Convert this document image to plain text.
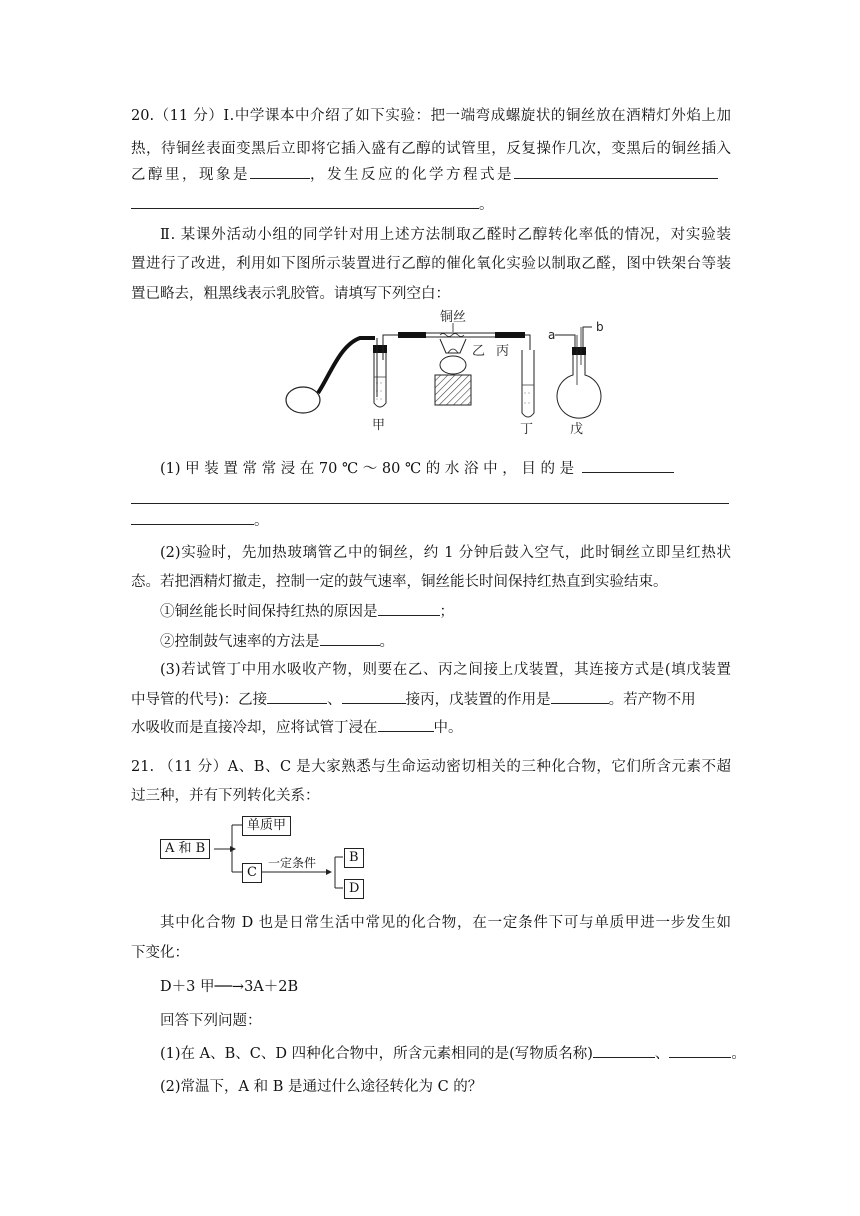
20.（11 分）Ⅰ.中学课本中介绍了如下实验：把一端弯成螺旋状的铜丝放在酒精灯外焰上加
热，待铜丝表面变黑后立即将它插入盛有乙醇的试管里，反复操作几次，变黑后的铜丝插入
乙醇里，现象是	，发生反应的化学方程式是
。
Ⅱ. 某课外活动小组的同学针对用上述方法制取乙醛时乙醇转化率低的情况，对实验装
置进行了改进，利用如下图所示装置进行乙醇的催化氧化实验以制取乙醛，图中铁架台等装
置已略去，粗黑线表示乳胶管。请填写下列空白：
铜丝
乙 丙
甲	丁	戊
a
b
(1) 甲 装 置 常 常 浸 在 70 ℃ ～ 80 ℃ 的 水 浴 中 ， 目 的 是
。
(2)实验时，先加热玻璃管乙中的铜丝，约 1 分钟后鼓入空气，此时铜丝立即呈红热状
态。若把酒精灯撤走，控制一定的鼓气速率，铜丝能长时间保持红热直到实验结束。
①铜丝能长时间保持红热的原因是	；
②控制鼓气速率的方法是	。
(3)若试管丁中用水吸收产物，则要在乙、丙之间接上戊装置，其连接方式是(填戊装置
中导管的代号)：乙接	、	接丙，戊装置的作用是	。若产物不用
水吸收而是直接冷却，应将试管丁浸在	中。
21. （11 分）A、B、C 是大家熟悉与生命运动密切相关的三种化合物，它们所含元素不超
过三种，并有下列转化关系：
A 和 B
单质甲
C
一定条件	B
D
其中化合物 D 也是日常生活中常见的化合物，在一定条件下可与单质甲进一步发生如
下变化：
D＋3 甲──→3A＋2B
回答下列问题：
(1)在 A、B、C、D 四种化合物中，所含元素相同的是(写物质名称)	、	。
(2)常温下，A 和 B 是通过什么途径转化为 C 的？
